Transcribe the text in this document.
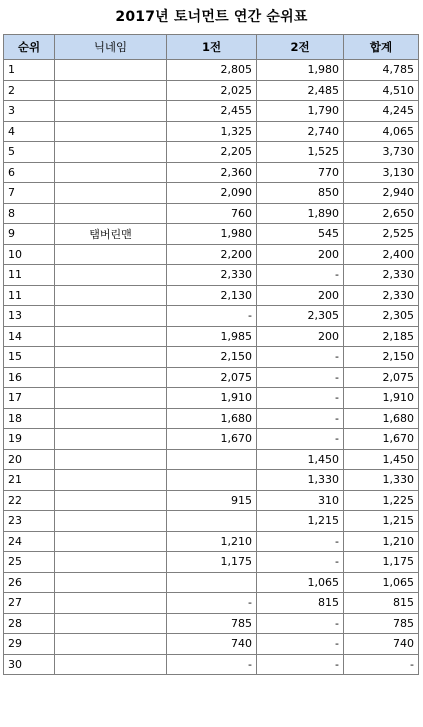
2017년 토너먼트 연간 순위표
순위	닉네임	1전	2전	합계
1		2,805	1,980	4,785
2		2,025	2,485	4,510
3		2,455	1,790	4,245
4		1,325	2,740	4,065
5		2,205	1,525	3,730
6		2,360	770	3,130
7		2,090	850	2,940
8		760	1,890	2,650
9	탬버린맨	1,980	545	2,525
10		2,200	200	2,400
11		2,330	-	2,330
11		2,130	200	2,330
13		-	2,305	2,305
14		1,985	200	2,185
15		2,150	-	2,150
16		2,075	-	2,075
17		1,910	-	1,910
18		1,680	-	1,680
19		1,670	-	1,670
20			1,450	1,450
21			1,330	1,330
22		915	310	1,225
23			1,215	1,215
24		1,210	-	1,210
25		1,175	-	1,175
26			1,065	1,065
27		-	815	815
28		785	-	785
29		740	-	740
30		-	-	-
